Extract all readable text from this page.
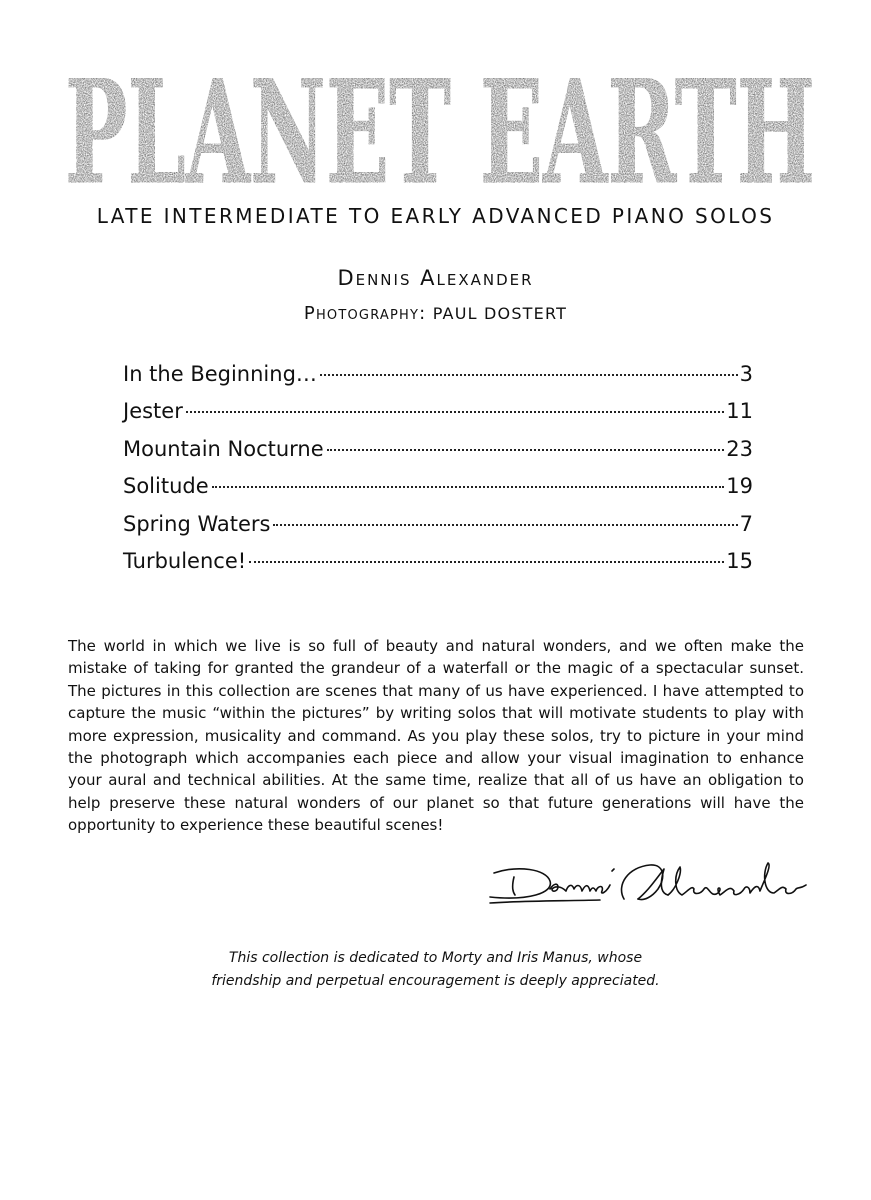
PLANET EARTH
LATE INTERMEDIATE TO EARLY ADVANCED PIANO SOLOS
Dennis Alexander
Photography: PAUL DOSTERT
In the Beginning…	3
Jester	11
Mountain Nocturne	23
Solitude	19
Spring Waters	7
Turbulence!	15

The world in which we live is so full of beauty and natural wonders, and we often make the mistake of taking for granted the grandeur of a waterfall or the magic of a spectacular sunset. The pictures in this collection are scenes that many of us have experienced. I have attempted to capture the music “within the pictures” by writing solos that will motivate students to play with more expression, musicality and command. As you play these solos, try to picture in your mind the photograph which accompanies each piece and allow your visual imagination to enhance your aural and technical abilities. At the same time, realize that all of us have an obligation to help preserve these natural wonders of our planet so that future generations will have the opportunity to experience these beautiful scenes!

This collection is dedicated to Morty and Iris Manus, whose
friendship and perpetual encouragement is deeply appreciated.
